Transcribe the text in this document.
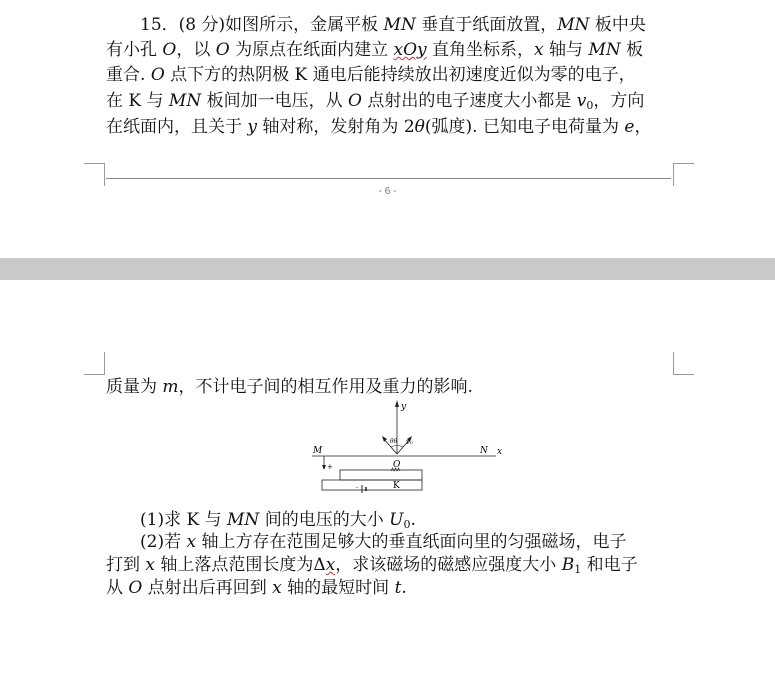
15．(8 分)如图所示，金属平板 MN 垂直于纸面放置，MN 板中央
有小孔 O，以 O 为原点在纸面内建立 xOy 直角坐标系，x 轴与 MN 板
重合. O 点下方的热阴极 K 通电后能持续放出初速度近似为零的电子，
在 K 与 MN 板间加一电压，从 O 点射出的电子速度大小都是 $v_0$，方向
在纸面内，且关于 y 轴对称，发射角为 2θ(弧度). 已知电子电荷量为 e，
- 6 -
质量为 m，不计电子间的相互作用及重力的影响.
y
M	N x
O
θθ v₀
+
-	K
(1)求 K 与 MN 间的电压的大小 $U_0$.
(2)若 x 轴上方存在范围足够大的垂直纸面向里的匀强磁场，电子
打到 x 轴上落点范围长度为Δx，求该磁场的磁感应强度大小 $B_1$ 和电子
从 O 点射出后再回到 x 轴的最短时间 t.
